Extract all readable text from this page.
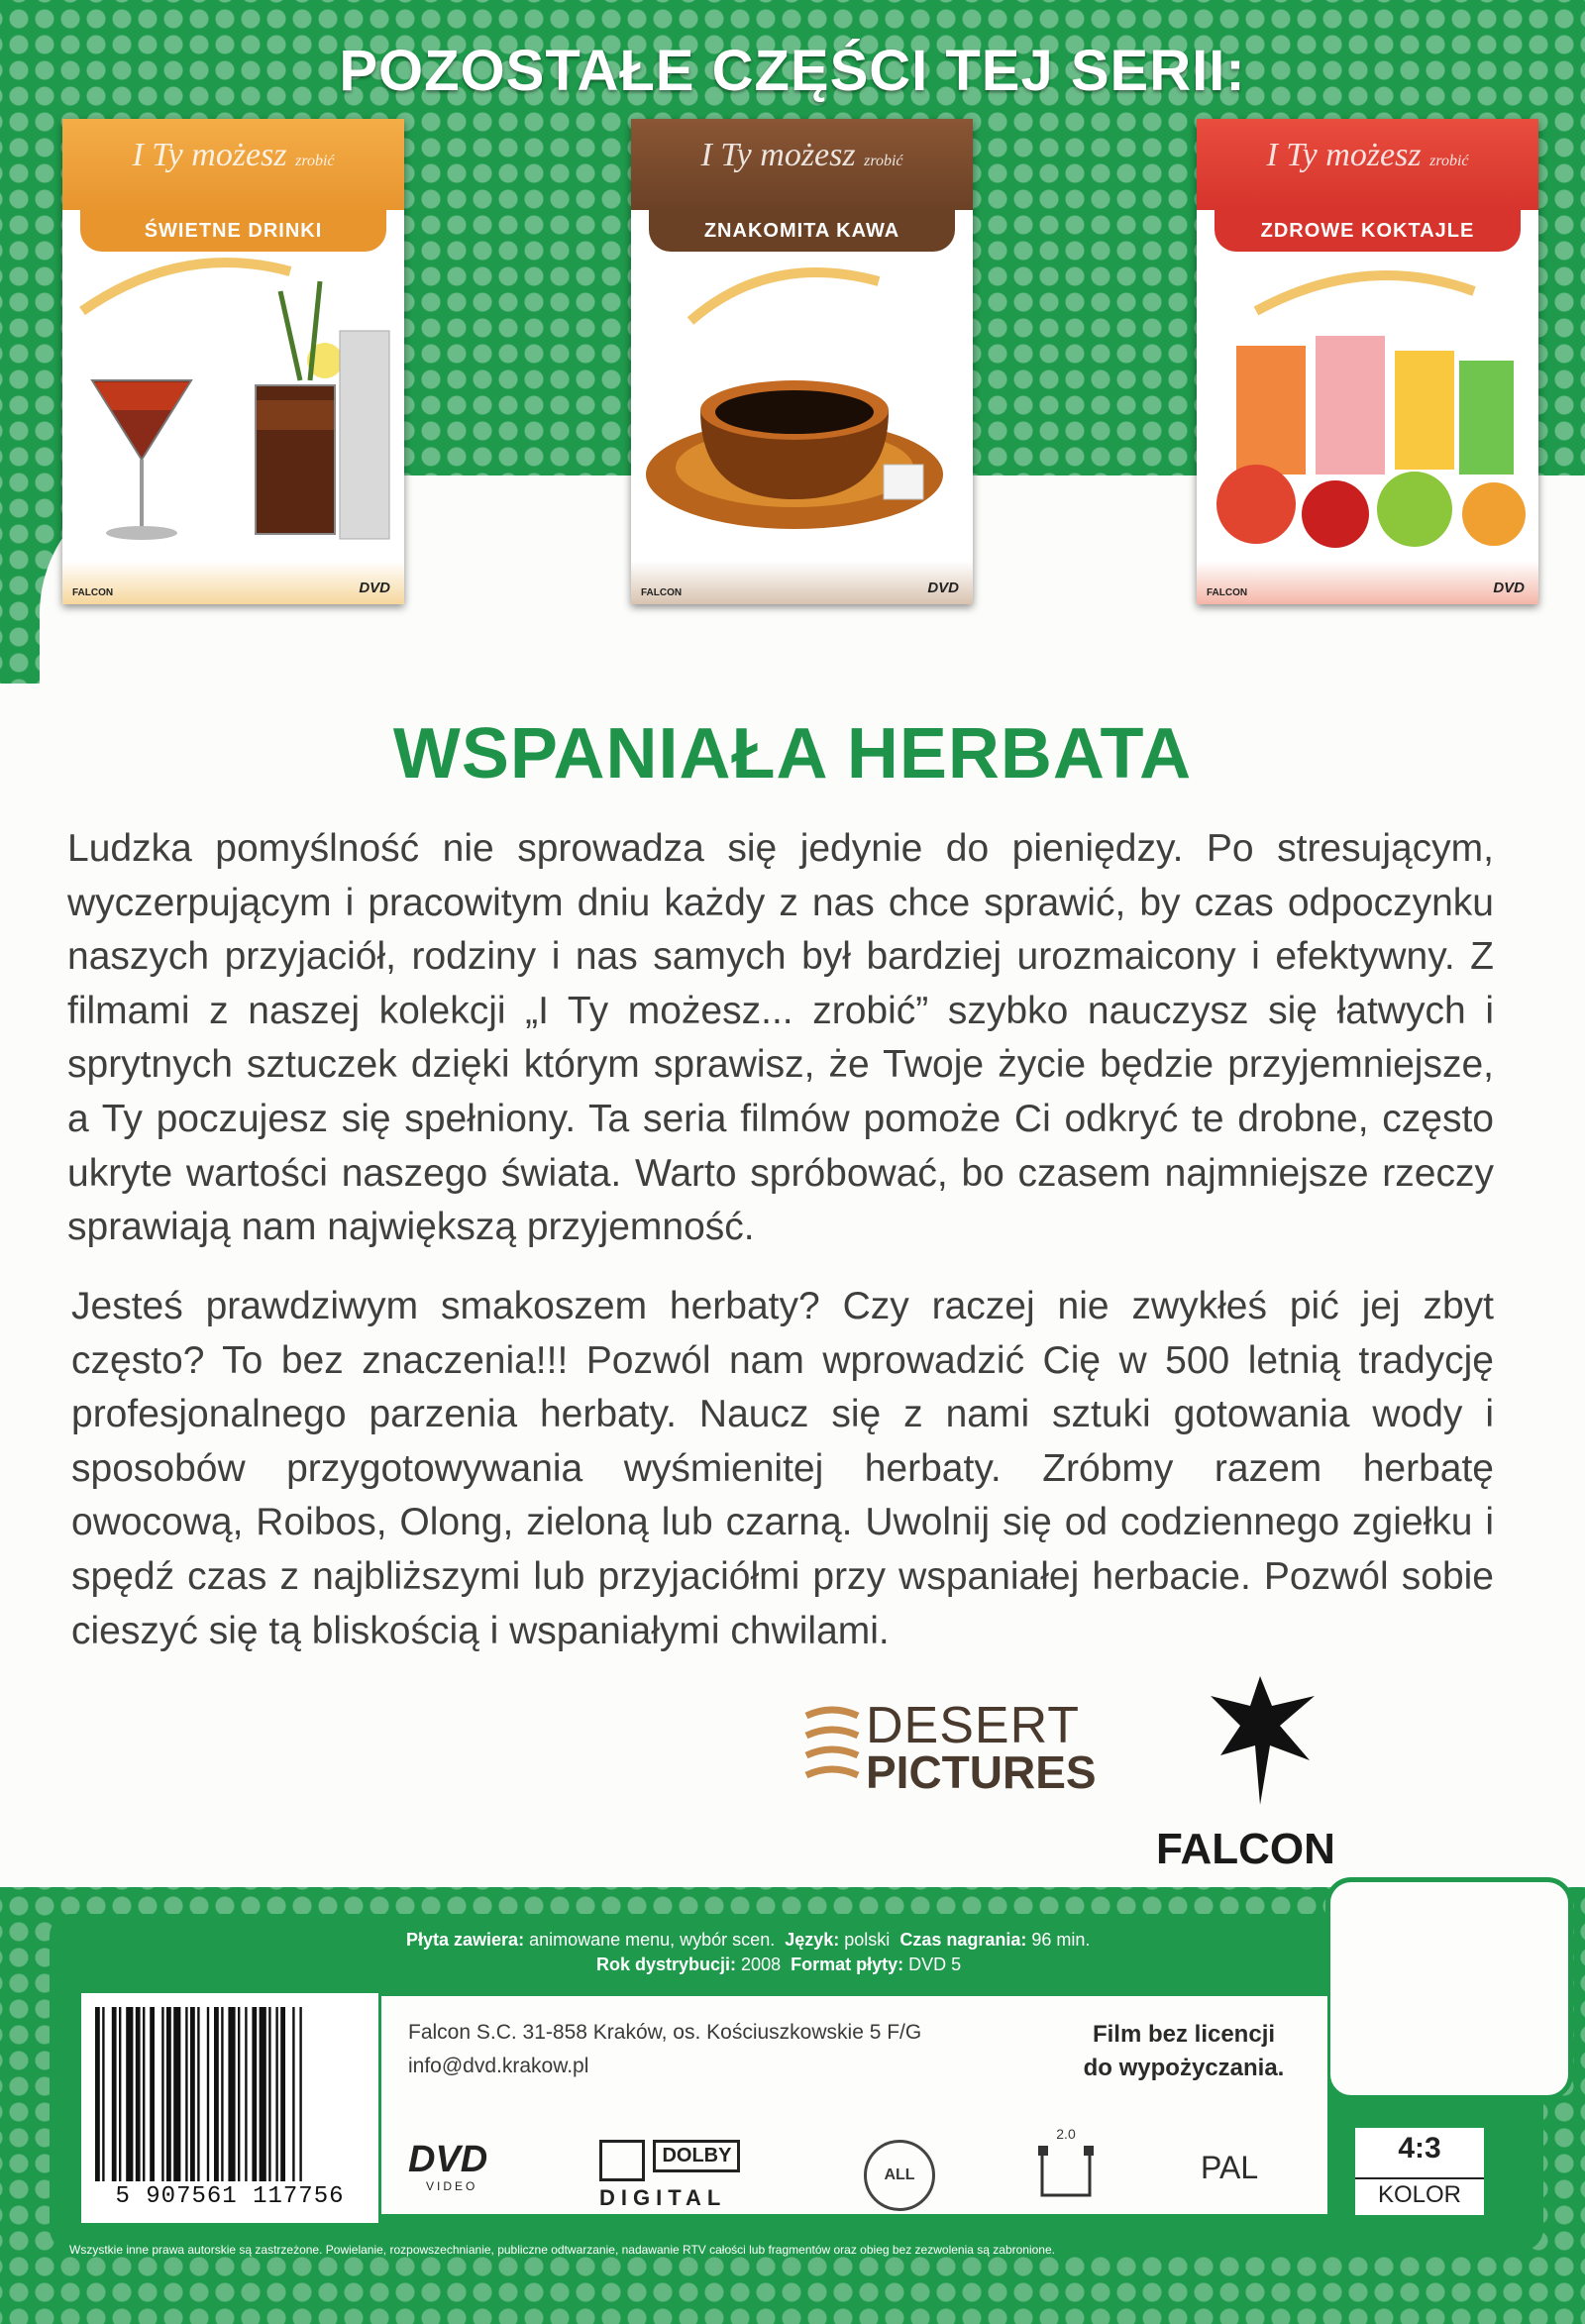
POZOSTAŁE CZĘŚCI TEJ SERII:
I Ty możesz zrobić
ŚWIETNE DRINKI
FALCON	DVD
I Ty możesz zrobić
ZNAKOMITA KAWA
FALCON	DVD
I Ty możesz zrobić
ZDROWE KOKTAJLE
FALCON	DVD
WSPANIAŁA HERBATA

Ludzka pomyślność nie sprowadza się jedynie do pieniędzy. Po stresującym, wyczerpującym i pracowitym dniu każdy z nas chce sprawić, by czas odpoczynku naszych przyjaciół, rodziny i nas samych był bardziej urozmaicony i efektywny. Z filmami z naszej kolekcji „I Ty możesz... zrobić” szybko nauczysz się łatwych i sprytnych sztuczek dzięki którym sprawisz, że Twoje życie będzie przyjemniejsze, a Ty poczujesz się spełniony. Ta seria filmów pomoże Ci odkryć te drobne, często ukryte wartości naszego świata. Warto spróbować, bo czasem najmniejsze rzeczy sprawiają nam największą przyjemność.

Jesteś prawdziwym smakoszem herbaty? Czy raczej nie zwykłeś pić jej zbyt często? To bez znaczenia!!! Pozwól nam wprowadzić Cię w 500 letnią tradycję profesjonalnego parzenia herbaty. Naucz się z nami sztuki gotowania wody i sposobów przygotowywania wyśmienitej herbaty. Zróbmy razem herbatę owocową, Roibos, Olong, zieloną lub czarną. Uwolnij się od codziennego zgiełku i spędź czas z najbliższymi lub przyjaciółmi przy wspaniałej herbacie. Pozwól sobie cieszyć się tą bliskością i wspaniałymi chwilami.

DESERT
PICTURES
FALCON
Płyta zawiera: animowane menu, wybór scen. Język: polski Czas nagrania: 96 min.
Rok dystrybucji: 2008 Format płyty: DVD 5
Falcon S.C. 31-858 Kraków, os. Kościuszkowskie 5 F/G
info@dvd.krakow.pl
Film bez licencji
do wypożyczania.
5 907561 117756
DVD
VIDEO
DOLBY
DIGITAL
ALL
2.0
PAL
4:3
KOLOR
Wszystkie inne prawa autorskie są zastrzeżone. Powielanie, rozpowszechnianie, publiczne odtwarzanie, nadawanie RTV całości lub fragmentów oraz obieg bez zezwolenia są zabronione.
